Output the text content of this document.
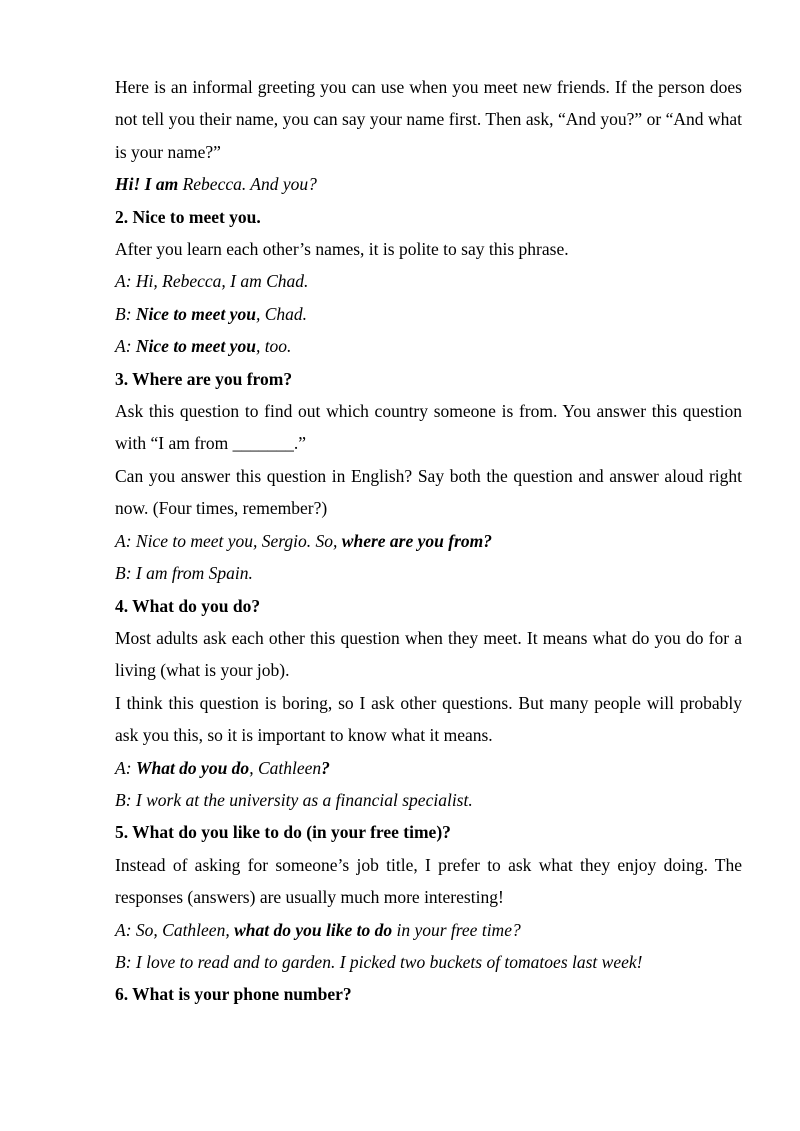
Here is an informal greeting you can use when you meet new friends. If the person does not tell you their name, you can say your name first. Then ask, “And you?” or “And what is your name?”

Hi! I am Rebecca. And you?

2. Nice to meet you.

After you learn each other’s names, it is polite to say this phrase.

A: Hi, Rebecca, I am Chad.

B: Nice to meet you, Chad.

A: Nice to meet you, too.

3. Where are you from?

Ask this question to find out which country someone is from. You answer this question with “I am from _______.”

Can you answer this question in English? Say both the question and answer aloud right now. (Four times, remember?)

A: Nice to meet you, Sergio. So, where are you from?

B: I am from Spain.

4. What do you do?

Most adults ask each other this question when they meet. It means what do you do for a living (what is your job).

I think this question is boring, so I ask other questions. But many people will probably ask you this, so it is important to know what it means.

A: What do you do, Cathleen?

B: I work at the university as a financial specialist.

5. What do you like to do (in your free time)?

Instead of asking for someone’s job title, I prefer to ask what they enjoy doing. The responses (answers) are usually much more interesting!

A: So, Cathleen, what do you like to do in your free time?

B: I love to read and to garden. I picked two buckets of tomatoes last week!

6. What is your phone number?
